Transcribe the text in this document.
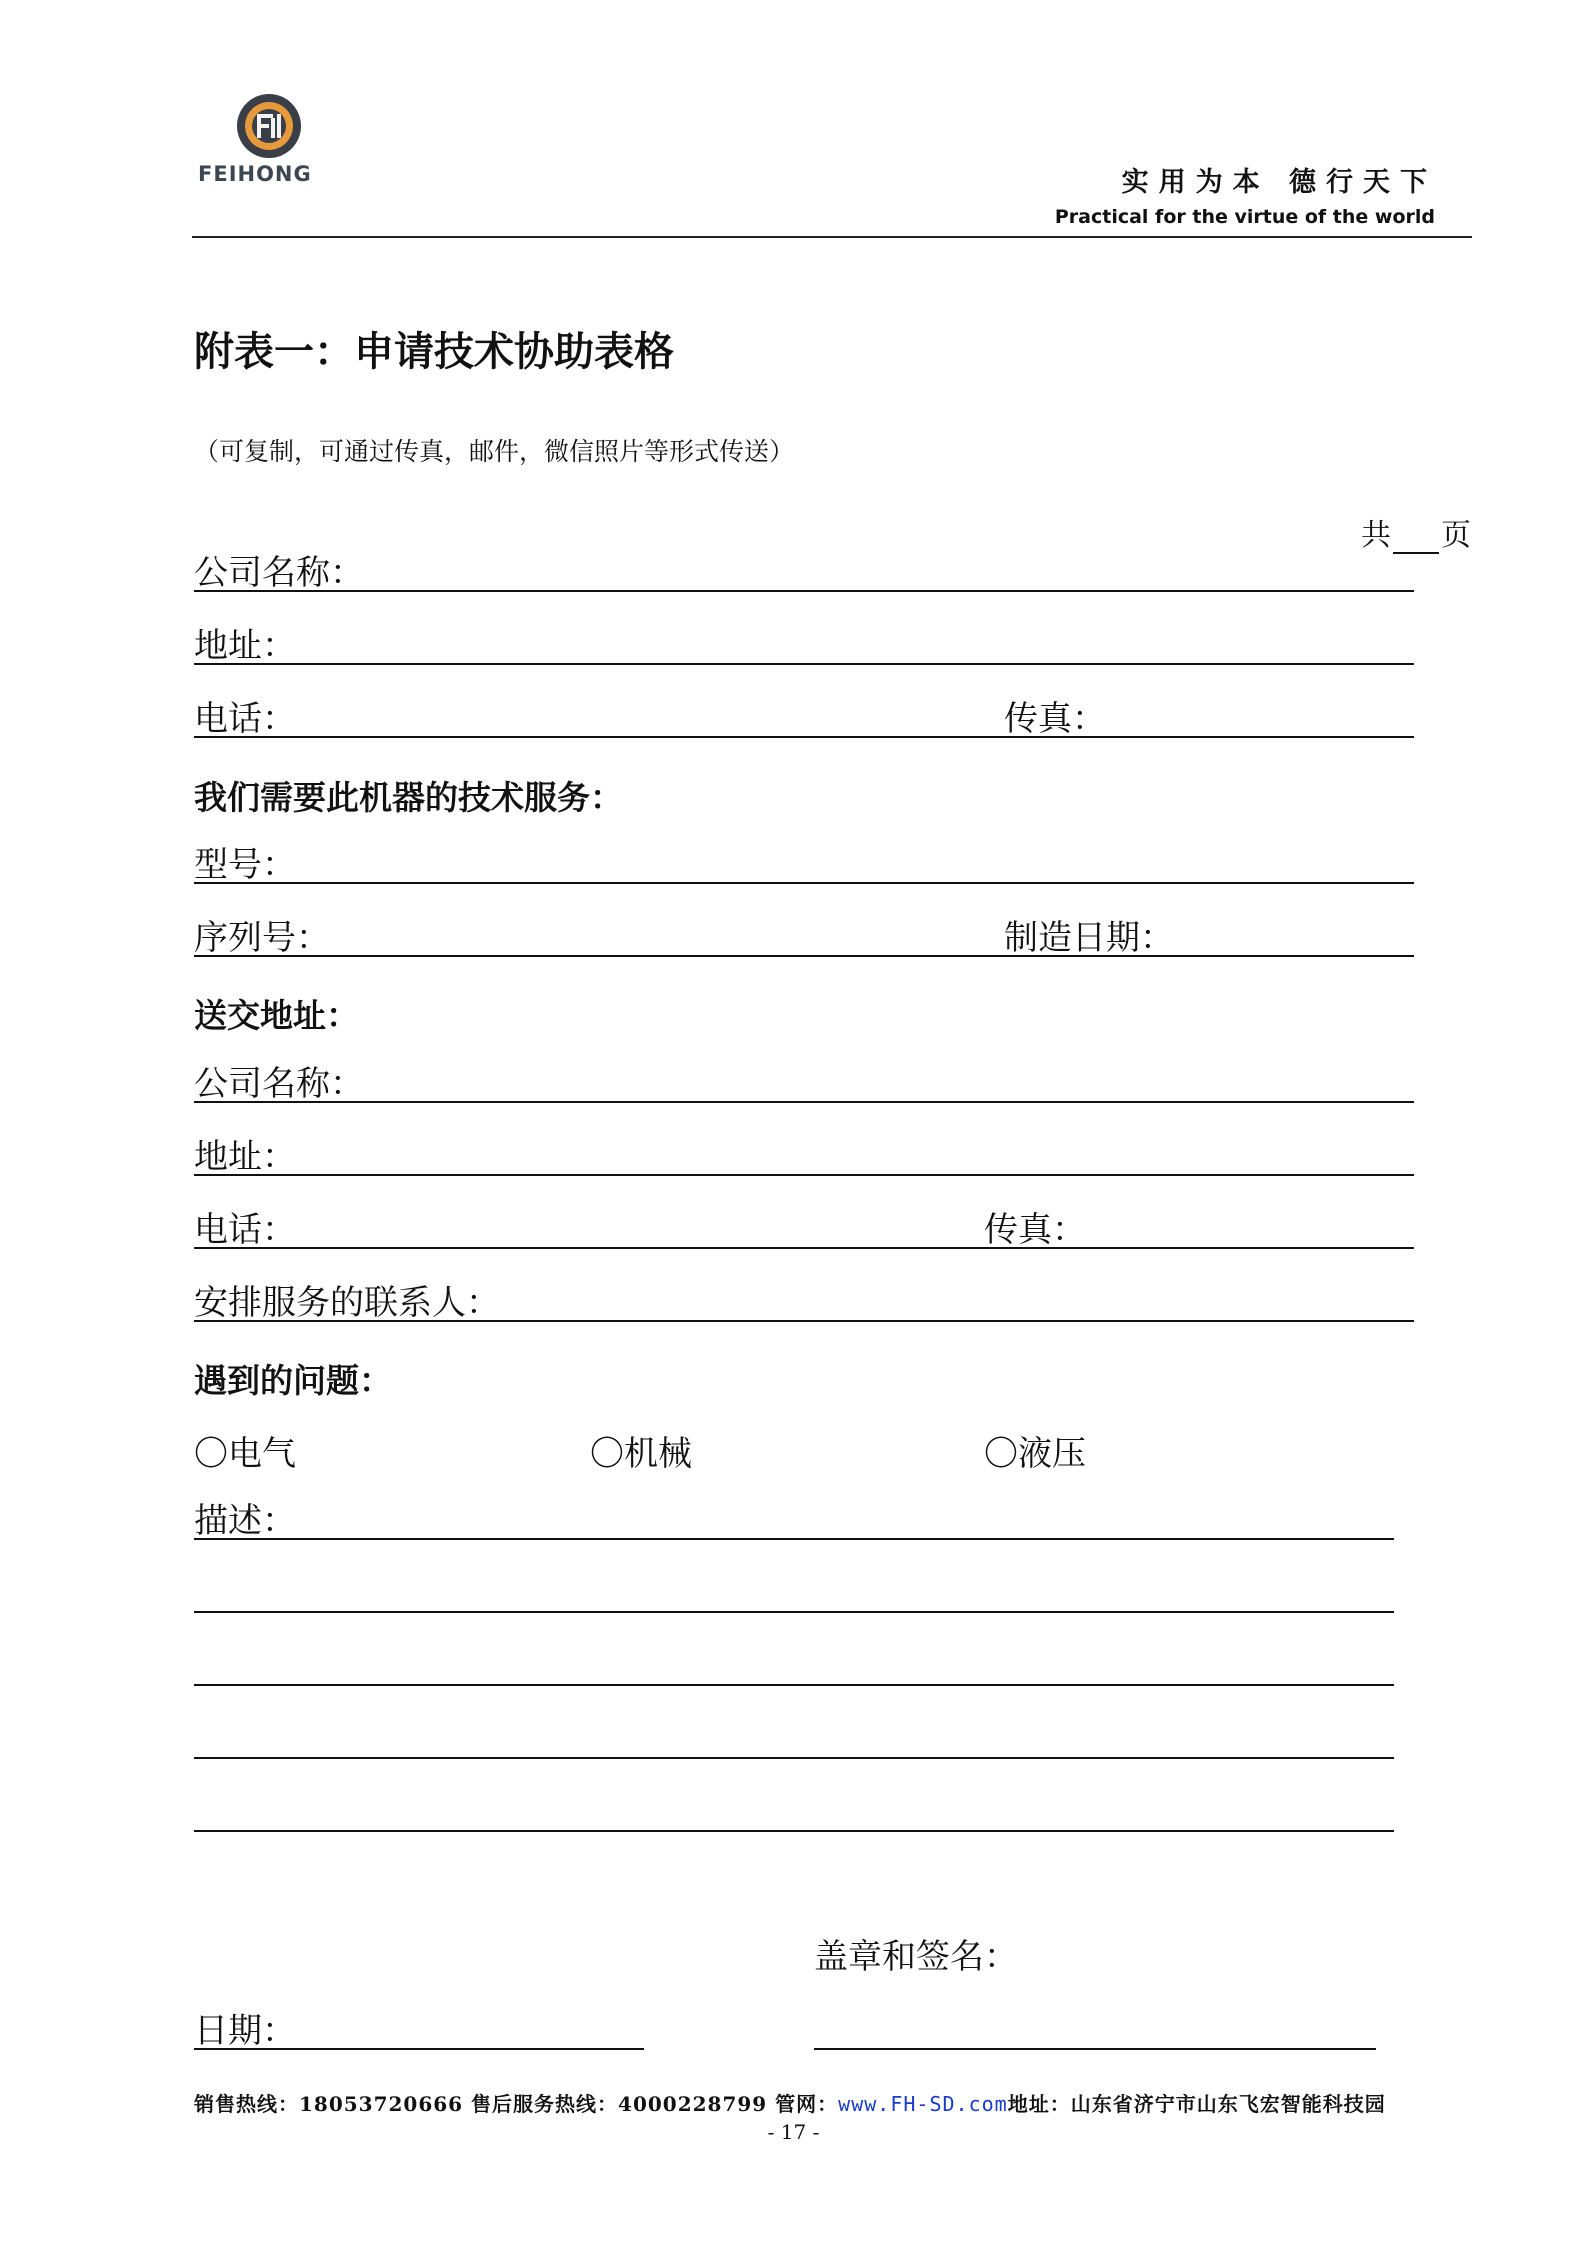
FEIHONG	实用为本 德行天下
Practical for the virtue of the world
附表一：申请技术协助表格
（可复制，可通过传真，邮件，微信照片等形式传送）
共 页
公司名称：
地址：
电话：	传真：
我们需要此机器的技术服务：
型号：
序列号：	制造日期：
送交地址：
公司名称：
地址：
电话：	传真：
安排服务的联系人：
遇到的问题：
〇电气	〇机械	〇液压
描述：
盖章和签名：
日期：
销售热线：18053720666 售后服务热线：4000228799 管网：www.FH-SD.com地址：山东省济宁市山东飞宏智能科技园
- 17 -
